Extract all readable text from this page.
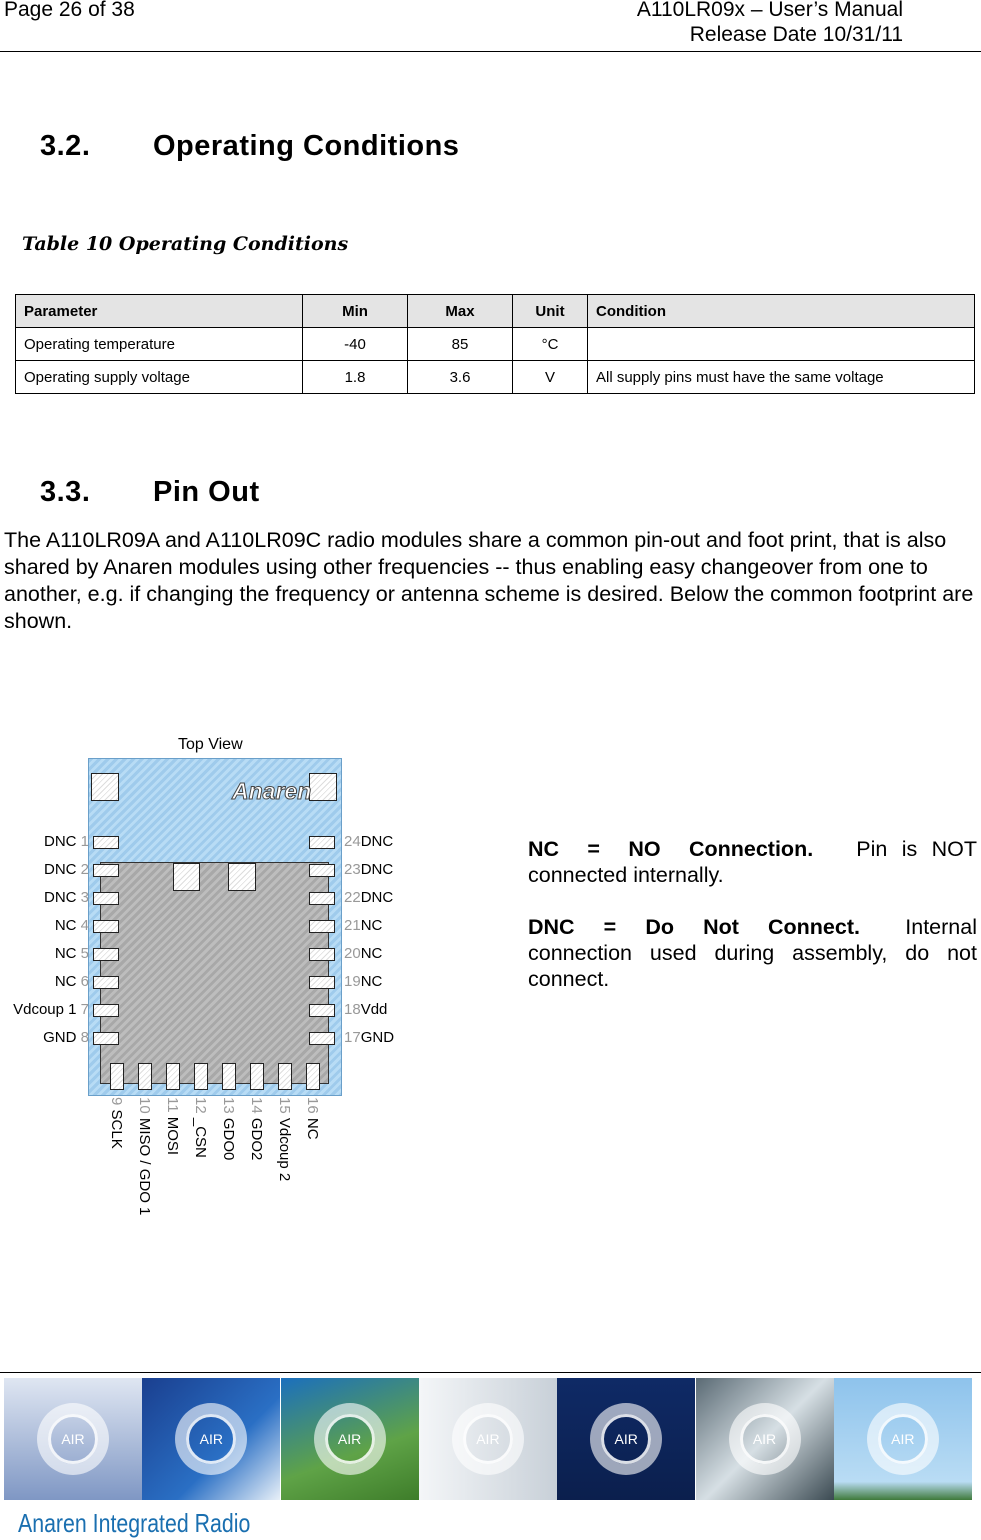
Page 26 of 38	A110LR09x – User’s Manual
Release Date 10/31/11
3.2. Operating Conditions
Table 10 Operating Conditions
Parameter	Min	Max	Unit	Condition
Operating temperature	-40	85	°C	
Operating supply voltage	1.8	3.6	V	All supply pins must have the same voltage
3.3. Pin Out
The A110LR09A and A110LR09C radio modules share a common pin-out and foot print, that is also shared by Anaren modules using other frequencies -- thus enabling easy changeover from one to another, e.g. if changing the frequency or antenna scheme is desired. Below the common footprint are shown.
Top View
Anaren
DNC 1	24DNC
9 SCLK
DNC 2	23DNC
10 MISO / GDO 1
DNC 3	22DNC
11 MOSI
NC 4	21NC
12 _CSN
NC 5	20NC
13 GDO0
NC 6	19NC
14 GDO2
Vdcoup 1 7	18Vdd
15 Vdcoup 2
GND 8	17GND
16 NC
NC = NO Connection. Pin is NOT connected internally.
DNC = Do Not Connect. Internal connection used during assembly, do not connect.
AIR	AIR	AIR	AIR	AIR	AIR	AIR
Anaren Integrated Radio
